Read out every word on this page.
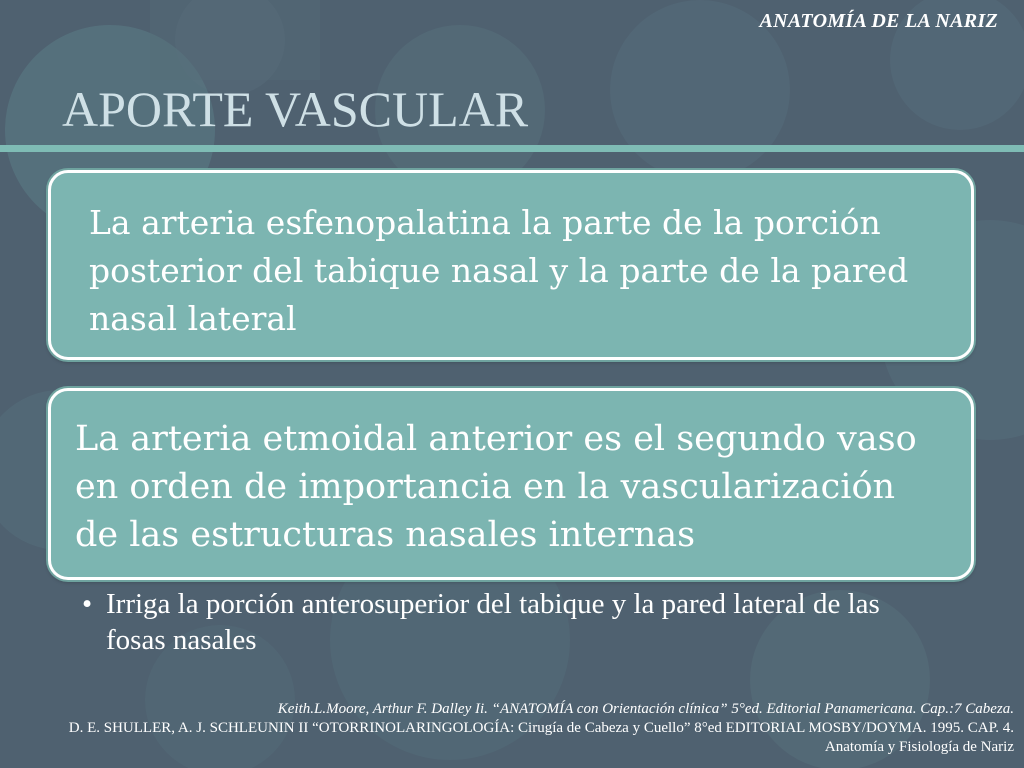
ANATOMÍA DE LA NARIZ
APORTE VASCULAR
La arteria esfenopalatina la parte de la porción posterior del tabique nasal y la parte de la pared nasal lateral
La arteria etmoidal anterior es el segundo vaso en orden de importancia en la vascularización de las estructuras nasales internas
• Irriga la porción anterosuperior del tabique y la pared lateral de las fosas nasales
Keith.L.Moore, Arthur F. Dalley Ii. “ANATOMÍA con Orientación clínica” 5°ed. Editorial Panamericana. Cap.:7 Cabeza.
D. E. SHULLER, A. J. SCHLEUNIN II “OTORRINOLARINGOLOGÍA: Cirugía de Cabeza y Cuello” 8°ed EDITORIAL MOSBY/DOYMA. 1995. CAP. 4.
Anatomía y Fisiología de Nariz
